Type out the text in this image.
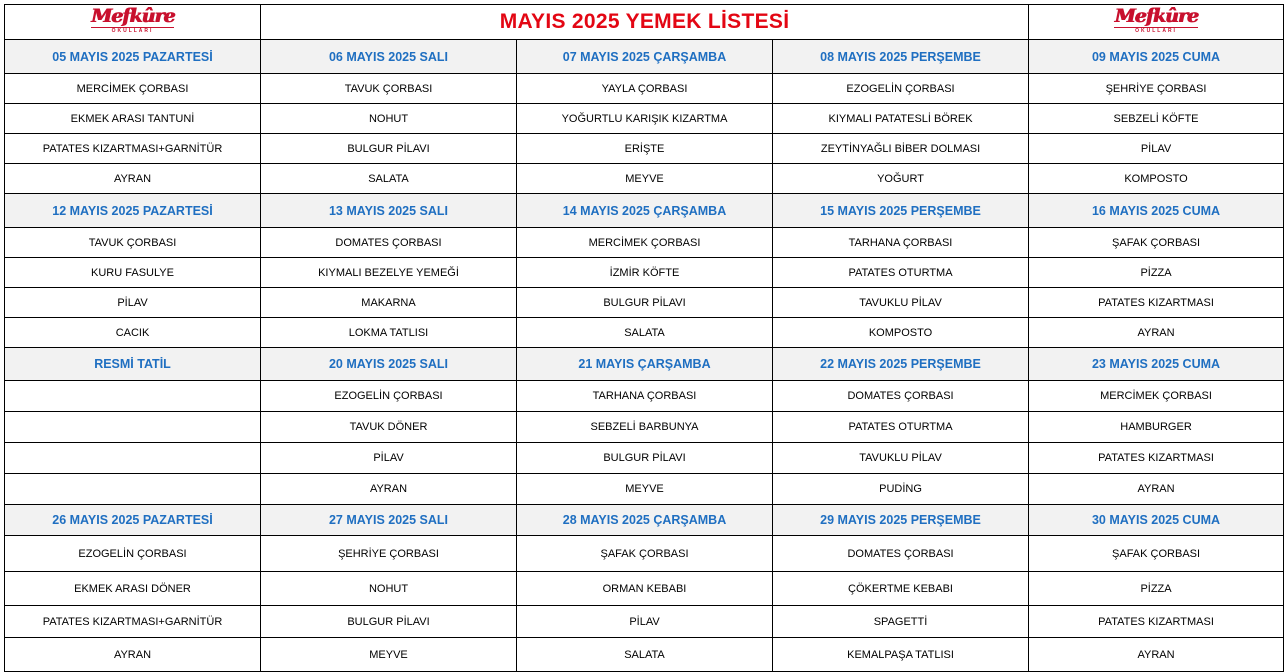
Mefkûre
OKULLARI	MAYIS 2025 YEMEK LİSTESİ			Mefkûre
OKULLARI

05 MAYIS 2025 PAZARTESİ	06 MAYIS 2025 SALI	07 MAYIS 2025 ÇARŞAMBA	08 MAYIS 2025 PERŞEMBE	09 MAYIS 2025 CUMA
MERCİMEK ÇORBASI	TAVUK ÇORBASI	YAYLA ÇORBASI	EZOGELİN ÇORBASI	ŞEHRİYE ÇORBASI
EKMEK ARASI TANTUNİ	NOHUT	YOĞURTLU KARIŞIK KIZARTMA	KIYMALI PATATESLİ BÖREK	SEBZELİ KÖFTE
PATATES KIZARTMASI+GARNİTÜR	BULGUR PİLAVI	ERİŞTE	ZEYTİNYAĞLI BİBER DOLMASI	PİLAV
AYRAN	SALATA	MEYVE	YOĞURT	KOMPOSTO
12 MAYIS 2025 PAZARTESİ	13 MAYIS 2025 SALI	14 MAYIS 2025 ÇARŞAMBA	15 MAYIS 2025 PERŞEMBE	16 MAYIS 2025 CUMA
TAVUK ÇORBASI	DOMATES ÇORBASI	MERCİMEK ÇORBASI	TARHANA ÇORBASI	ŞAFAK ÇORBASI
KURU FASULYE	KIYMALI BEZELYE YEMEĞİ	İZMİR KÖFTE	PATATES OTURTMA	PİZZA
PİLAV	MAKARNA	BULGUR PİLAVI	TAVUKLU PİLAV	PATATES KIZARTMASI
CACIK	LOKMA TATLISI	SALATA	KOMPOSTO	AYRAN
RESMİ TATİL	20 MAYIS 2025 SALI	21 MAYIS ÇARŞAMBA	22 MAYIS 2025 PERŞEMBE	23 MAYIS 2025 CUMA
	EZOGELİN ÇORBASI	TARHANA ÇORBASI	DOMATES ÇORBASI	MERCİMEK ÇORBASI
	TAVUK DÖNER	SEBZELİ BARBUNYA	PATATES OTURTMA	HAMBURGER
	PİLAV	BULGUR PİLAVI	TAVUKLU PİLAV	PATATES KIZARTMASI
	AYRAN	MEYVE	PUDİNG	AYRAN
26 MAYIS 2025 PAZARTESİ	27 MAYIS 2025 SALI	28 MAYIS 2025 ÇARŞAMBA	29 MAYIS 2025 PERŞEMBE	30 MAYIS 2025 CUMA
EZOGELİN ÇORBASI	ŞEHRİYE ÇORBASI	ŞAFAK ÇORBASI	DOMATES ÇORBASI	ŞAFAK ÇORBASI
EKMEK ARASI DÖNER	NOHUT	ORMAN KEBABI	ÇÖKERTME KEBABI	PİZZA
PATATES KIZARTMASI+GARNİTÜR	BULGUR PİLAVI	PİLAV	SPAGETTİ	PATATES KIZARTMASI
AYRAN	MEYVE	SALATA	KEMALPAŞA TATLISI	AYRAN
